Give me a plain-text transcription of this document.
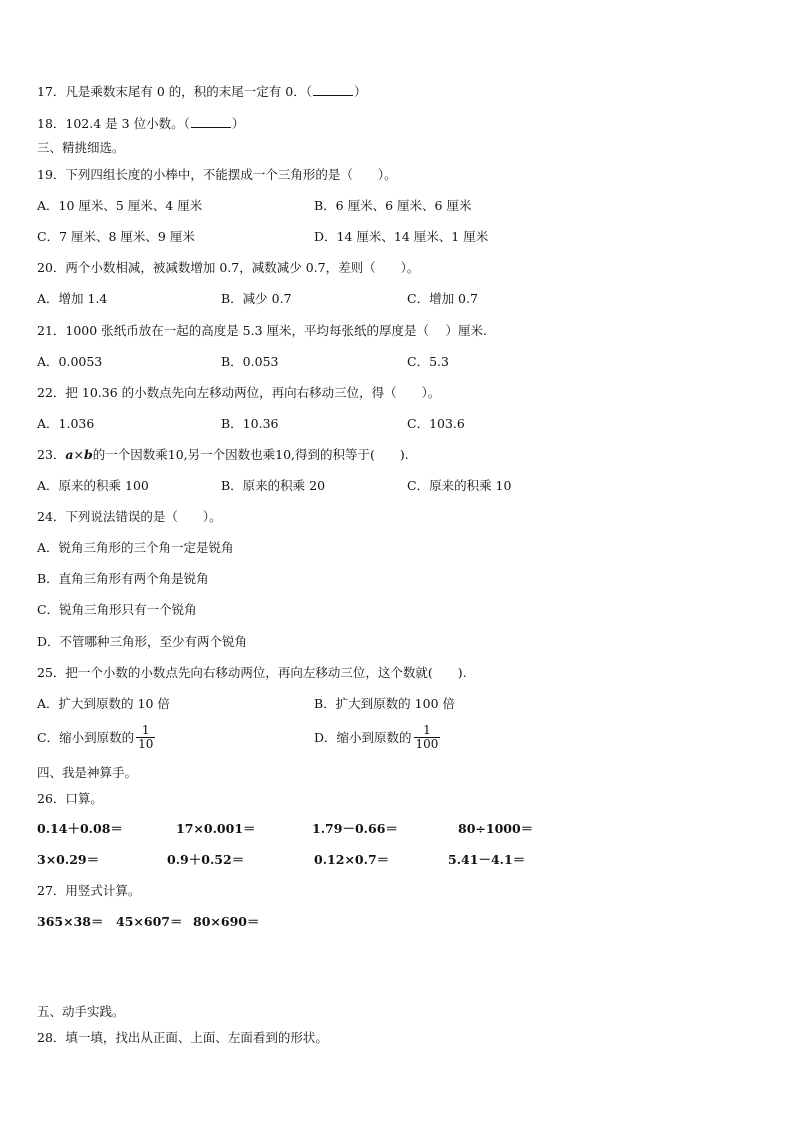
17．凡是乘数末尾有 0 的，积的末尾一定有 0．（	）
18．102.4 是 3 位小数。（	）
三、精挑细选。
19．下列四组长度的小棒中，不能摆成一个三角形的是（　　）。
A．10 厘米、5 厘米、4 厘米	B．6 厘米、6 厘米、6 厘米
C．7 厘米、8 厘米、9 厘米	D．14 厘米、14 厘米、1 厘米
20．两个小数相减，被减数增加 0.7，减数减少 0.7，差则（　　）。
A．增加 1.4	B．减少 0.7	C．增加 0.7
21．1000 张纸币放在一起的高度是 5.3 厘米，平均每张纸的厚度是（　 ）厘米.
A．0.0053	B．0.053	C．5.3
22．把 10.36 的小数点先向左移动两位，再向右移动三位，得（　　）。
A．1.036	B．10.36	C．103.6
23．a×b的一个因数乘10,另一个因数也乘10,得到的积等于(　　).
A．原来的积乘 100	B．原来的积乘 20	C．原来的积乘 10
24．下列说法错误的是（　　）。
A．锐角三角形的三个角一定是锐角
B．直角三角形有两个角是锐角
C．锐角三角形只有一个锐角
D．不管哪种三角形，至少有两个锐角
25．把一个小数的小数点先向右移动两位，再向左移动三位，这个数就(　　).
A．扩大到原数的 10 倍	B．扩大到原数的 100 倍
C．缩小到原数的 $\frac{1}{10}$	D．缩小到原数的 $\frac{1}{100}$
四、我是神算手。
26．口算。
0.14＋0.08＝	17×0.001＝	1.79－0.66＝	80÷1000＝
3×0.29＝	0.9＋0.52＝	0.12×0.7＝	5.41－4.1＝
27．用竖式计算。
365×38＝ 45×607＝ 80×690＝
五、动手实践。
28．填一填，找出从正面、上面、左面看到的形状。
